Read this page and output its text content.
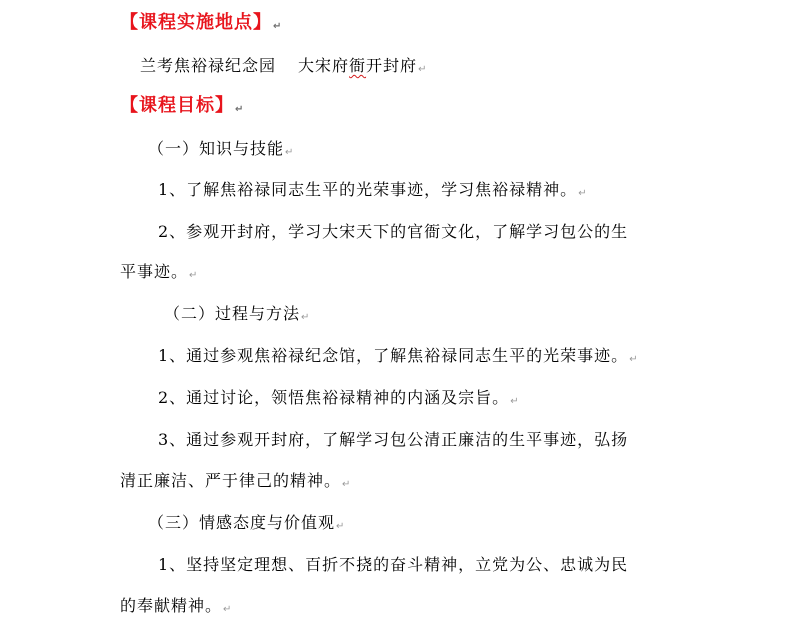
【课程实施地点】↵
兰考焦裕禄纪念园 大宋府衙开封府↵
【课程目标】↵
（一）知识与技能↵
1、了解焦裕禄同志生平的光荣事迹，学习焦裕禄精神。↵
2、参观开封府，学习大宋天下的官衙文化，了解学习包公的生
平事迹。↵
（二）过程与方法↵
1、通过参观焦裕禄纪念馆，了解焦裕禄同志生平的光荣事迹。↵
2、通过讨论，领悟焦裕禄精神的内涵及宗旨。↵
3、通过参观开封府，了解学习包公清正廉洁的生平事迹，弘扬
清正廉洁、严于律己的精神。↵
（三）情感态度与价值观↵
1、坚持坚定理想、百折不挠的奋斗精神，立党为公、忠诚为民
的奉献精神。↵
